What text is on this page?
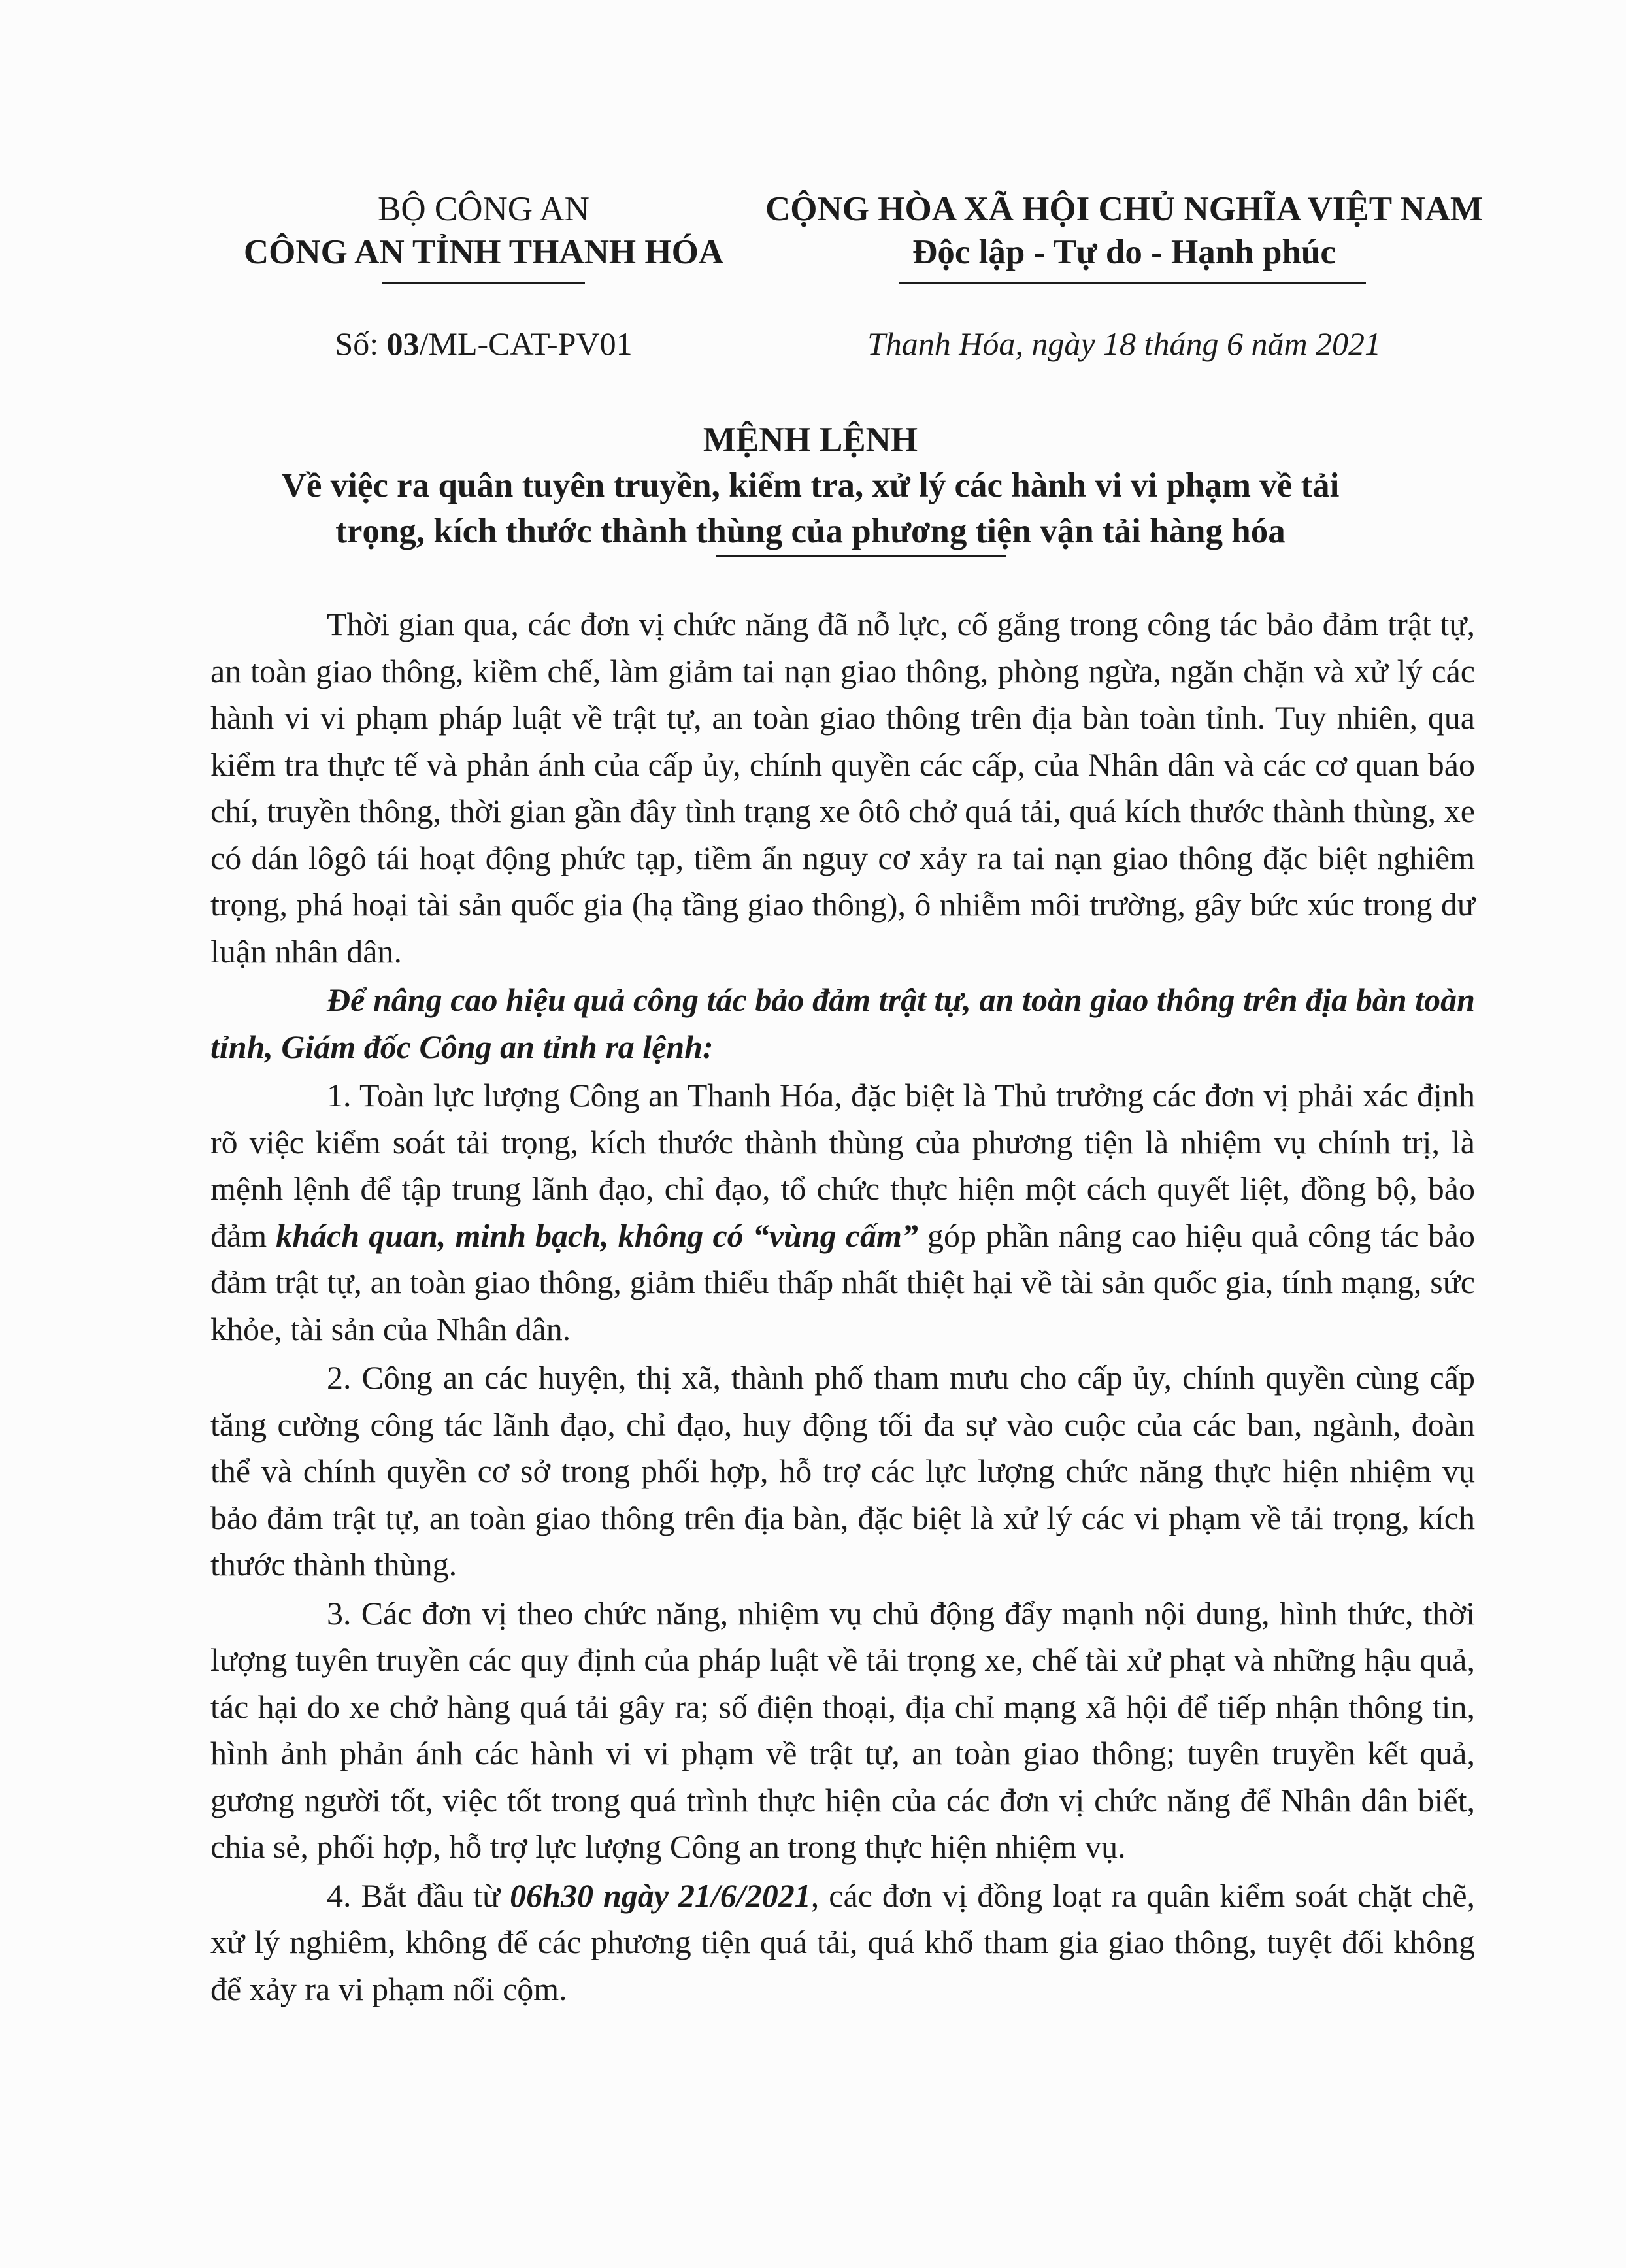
BỘ CÔNG AN
CÔNG AN TỈNH THANH HÓA
CỘNG HÒA XÃ HỘI CHỦ NGHĨA VIỆT NAM
Độc lập - Tự do - Hạnh phúc
Số: 03/ML-CAT-PV01	Thanh Hóa, ngày 18 tháng 6 năm 2021
MỆNH LỆNH
Về việc ra quân tuyên truyền, kiểm tra, xử lý các hành vi vi phạm về tải
trọng, kích thước thành thùng của phương tiện vận tải hàng hóa

Thời gian qua, các đơn vị chức năng đã nỗ lực, cố gắng trong công tác bảo đảm trật tự, an toàn giao thông, kiềm chế, làm giảm tai nạn giao thông, phòng ngừa, ngăn chặn và xử lý các hành vi vi phạm pháp luật về trật tự, an toàn giao thông trên địa bàn toàn tỉnh. Tuy nhiên, qua kiểm tra thực tế và phản ánh của cấp ủy, chính quyền các cấp, của Nhân dân và các cơ quan báo chí, truyền thông, thời gian gần đây tình trạng xe ôtô chở quá tải, quá kích thước thành thùng, xe có dán lôgô tái hoạt động phức tạp, tiềm ẩn nguy cơ xảy ra tai nạn giao thông đặc biệt nghiêm trọng, phá hoại tài sản quốc gia (hạ tầng giao thông), ô nhiễm môi trường, gây bức xúc trong dư luận nhân dân.

Để nâng cao hiệu quả công tác bảo đảm trật tự, an toàn giao thông trên địa bàn toàn tỉnh, Giám đốc Công an tỉnh ra lệnh:

1. Toàn lực lượng Công an Thanh Hóa, đặc biệt là Thủ trưởng các đơn vị phải xác định rõ việc kiểm soát tải trọng, kích thước thành thùng của phương tiện là nhiệm vụ chính trị, là mệnh lệnh để tập trung lãnh đạo, chỉ đạo, tổ chức thực hiện một cách quyết liệt, đồng bộ, bảo đảm khách quan, minh bạch, không có “vùng cấm” góp phần nâng cao hiệu quả công tác bảo đảm trật tự, an toàn giao thông, giảm thiểu thấp nhất thiệt hại về tài sản quốc gia, tính mạng, sức khỏe, tài sản của Nhân dân.

2. Công an các huyện, thị xã, thành phố tham mưu cho cấp ủy, chính quyền cùng cấp tăng cường công tác lãnh đạo, chỉ đạo, huy động tối đa sự vào cuộc của các ban, ngành, đoàn thể và chính quyền cơ sở trong phối hợp, hỗ trợ các lực lượng chức năng thực hiện nhiệm vụ bảo đảm trật tự, an toàn giao thông trên địa bàn, đặc biệt là xử lý các vi phạm về tải trọng, kích thước thành thùng.

3. Các đơn vị theo chức năng, nhiệm vụ chủ động đẩy mạnh nội dung, hình thức, thời lượng tuyên truyền các quy định của pháp luật về tải trọng xe, chế tài xử phạt và những hậu quả, tác hại do xe chở hàng quá tải gây ra; số điện thoại, địa chỉ mạng xã hội để tiếp nhận thông tin, hình ảnh phản ánh các hành vi vi phạm về trật tự, an toàn giao thông; tuyên truyền kết quả, gương người tốt, việc tốt trong quá trình thực hiện của các đơn vị chức năng để Nhân dân biết, chia sẻ, phối hợp, hỗ trợ lực lượng Công an trong thực hiện nhiệm vụ.

4. Bắt đầu từ 06h30 ngày 21/6/2021, các đơn vị đồng loạt ra quân kiểm soát chặt chẽ, xử lý nghiêm, không để các phương tiện quá tải, quá khổ tham gia giao thông, tuyệt đối không để xảy ra vi phạm nổi cộm.
